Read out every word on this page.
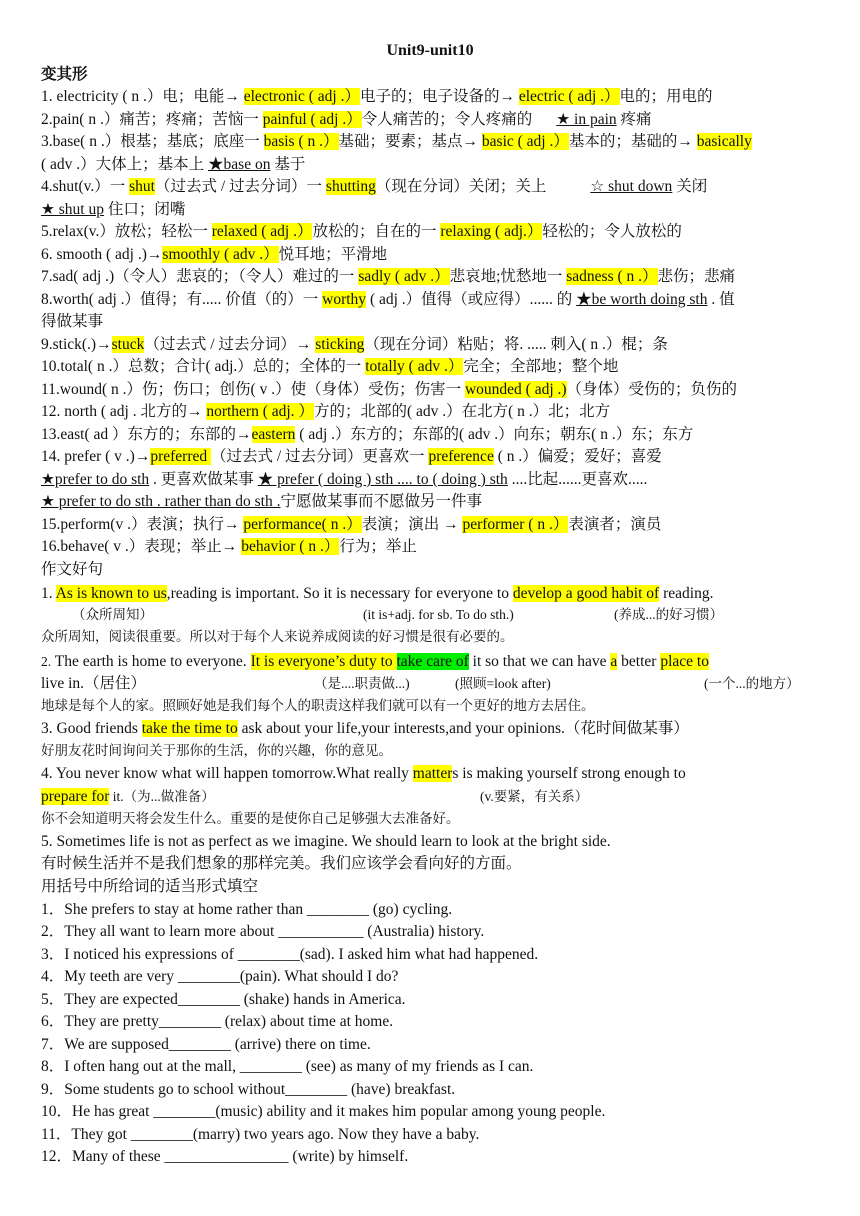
Unit9-unit10
变其形
1. electricity ( n .）电；电能→ electronic ( adj .）电子的；电子设备的→ electric ( adj .）电的；用电的
2.pain( n .）痛苦；疼痛；苦恼一 painful ( adj .）令人痛苦的；令人疼痛的 ★ in pain 疼痛
3.base( n .）根基；基底；底座一 basis ( n .）基础；要素；基点→ basic ( adj .）基本的；基础的→ basically
( adv .）大体上；基本上 ★base on 基于
4.shut(v.）一 shut（过去式 / 过去分词）一 shutting（现在分词）关闭；关上	☆ shut down 关闭
★ shut up 住口；闭嘴
5.relax(v.）放松；轻松一 relaxed ( adj .）放松的；自在的一 relaxing ( adj.）轻松的；令人放松的
6. smooth ( adj .)→smoothly ( adv .）悦耳地；平滑地
7.sad( adj .)（令人）悲哀的；（令人）难过的一 sadly ( adv .）悲哀地;忧愁地一 sadness ( n .）悲伤；悲痛
8.worth( adj .）值得；有..... 价值（的）一 worthy ( adj .）值得（或应得）...... 的 ★be worth doing sth . 值
得做某事
9.stick(.)→stuck（过去式 / 过去分词）→ sticking（现在分词）粘贴；将. ..... 刺入( n .）棍；条
10.total( n .）总数；合计( adj.）总的；全体的一 totally ( adv .）完全；全部地；整个地
11.wound( n .）伤；伤口；创伤( v .）使（身体）受伤；伤害一 wounded ( adj .)（身体）受伤的；负伤的
12. north ( adj . 北方的→ northern ( adj. ）方的；北部的( adv .）在北方( n .）北；北方
13.east( ad ）东方的；东部的→eastern ( adj .）东方的；东部的( adv .）向东；朝东( n .）东；东方
14. prefer ( v .)→preferred （过去式 / 过去分词）更喜欢一 preference ( n .）偏爱；爱好；喜爱
★prefer to do sth . 更喜欢做某事 ★ prefer ( doing ) sth .... to ( doing ) sth ....比起......更喜欢.....
★ prefer to do sth . rather than do sth .宁愿做某事而不愿做另一件事
15.perform(v .）表演；执行→ performance( n .）表演；演出 → performer ( n .）表演者；演员
16.behave( v .）表现；举止→ behavior ( n .）行为；举止
作文好句
1. As is known to us,reading is important. So it is necessary for everyone to develop a good habit of reading.
（众所周知）	(it is+adj. for sb. To do sth.)	(养成...的好习惯）
众所周知，阅读很重要。所以对于每个人来说养成阅读的好习惯是很有必要的。
2. The earth is home to everyone. It is everyone’s duty to take care of it so that we can have a better place to
live in.（居住）	（是....职责做...)	(照顾=look after)	(一个...的地方）
地球是每个人的家。照顾好她是我们每个人的职责这样我们就可以有一个更好的地方去居住。
3. Good friends take the time to ask about your life,your interests,and your opinions.（花时间做某事）
好朋友花时间询问关于那你的生活，你的兴趣，你的意见。
4. You never know what will happen tomorrow.What really matters is making yourself strong enough to
prepare for it.（为...做准备）	(v.要紧，有关系）
你不会知道明天将会发生什么。重要的是使你自己足够强大去准备好。
5. Sometimes life is not as perfect as we imagine. We should learn to look at the bright side.
有时候生活并不是我们想象的那样完美。我们应该学会看向好的方面。
用括号中所给词的适当形式填空
1．She prefers to stay at home rather than ________ (go) cycling.
2．They all want to learn more about ___________ (Australia) history.
3．I noticed his expressions of ________(sad). I asked him what had happened.
4．My teeth are very ________(pain). What should I do?
5．They are expected________ (shake) hands in America.
6．They are pretty________ (relax) about time at home.
7．We are supposed________ (arrive) there on time.
8．I often hang out at the mall, ________ (see) as many of my friends as I can.
9．Some students go to school without________ (have) breakfast.
10．He has great ________(music) ability and it makes him popular among young people.
11．They got ________(marry) two years ago. Now they have a baby.
12．Many of these ________________ (write) by himself.
